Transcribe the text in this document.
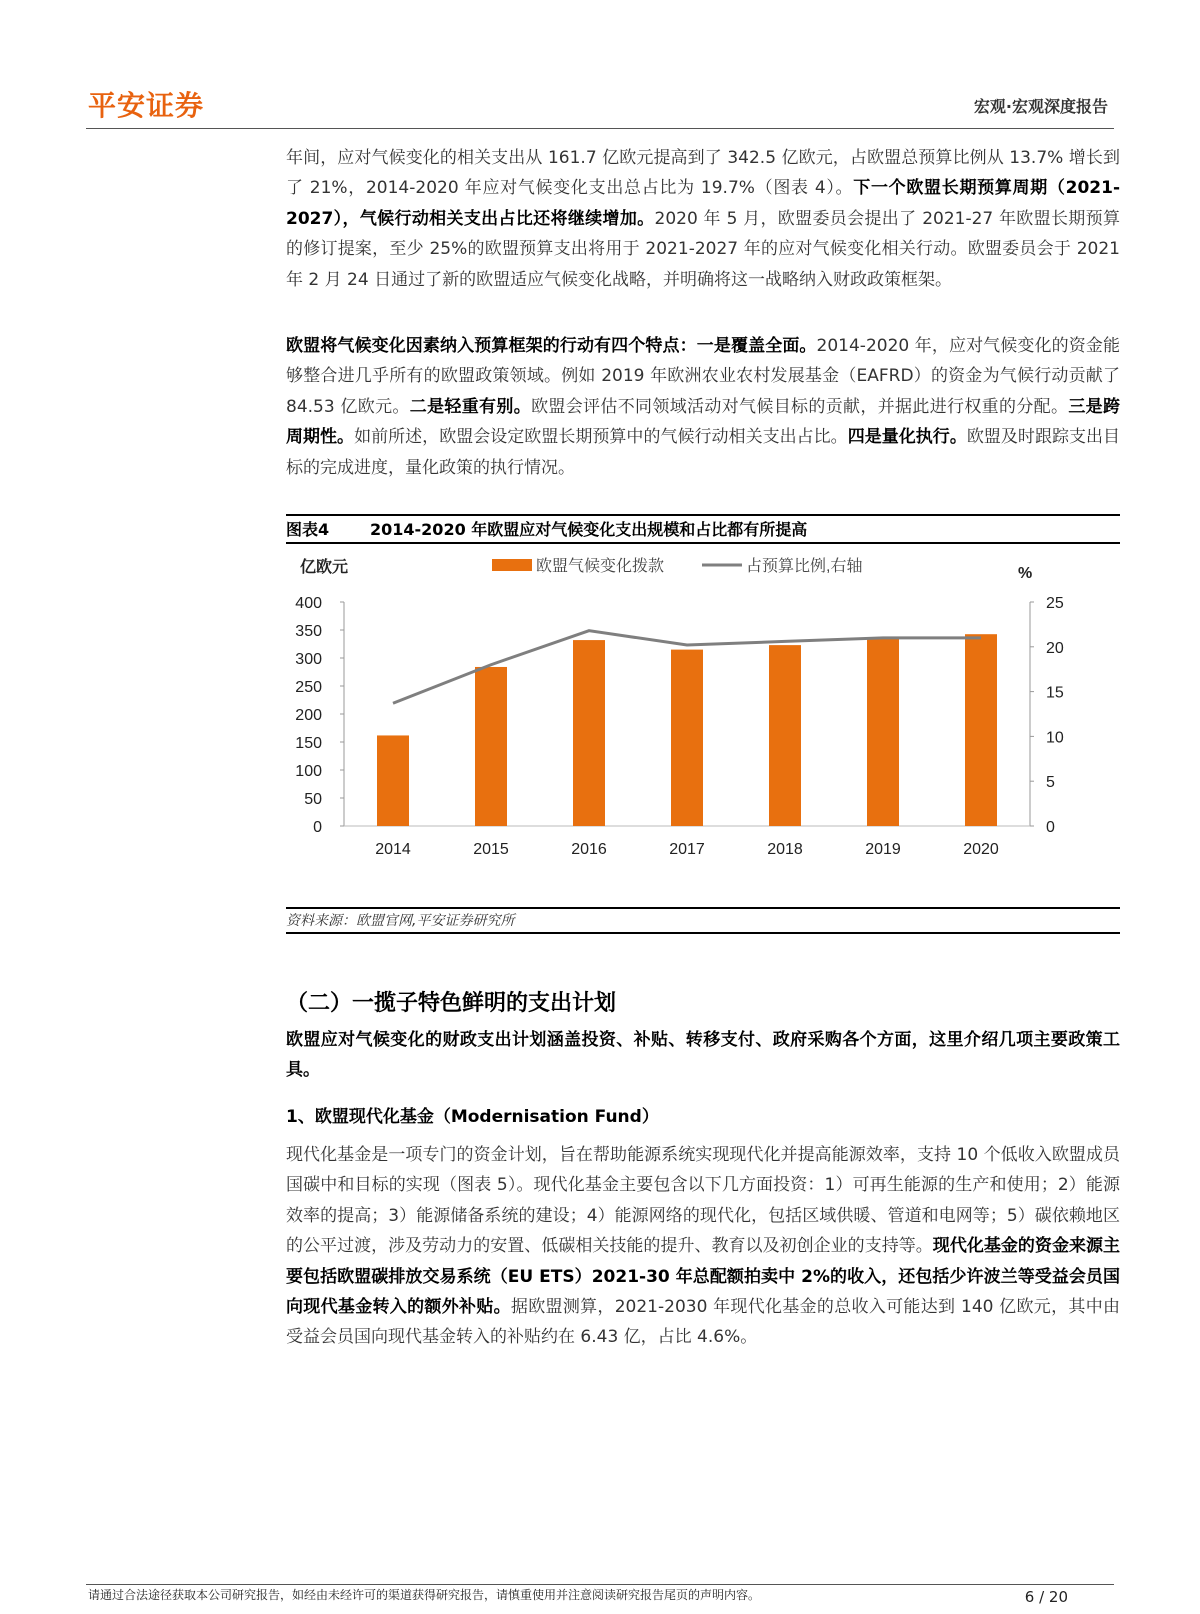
平安证券	宏观·宏观深度报告

年间，应对气候变化的相关支出从 161.7 亿欧元提高到了 342.5 亿欧元，占欧盟总预算比例从 13.7% 增长到了 21%，2014-2020 年应对气候变化支出总占比为 19.7%（图表 4）。下一个欧盟长期预算周期（2021-2027），气候行动相关支出占比还将继续增加。2020 年 5 月，欧盟委员会提出了 2021-27 年欧盟长期预算的修订提案，至少 25%的欧盟预算支出将用于 2021-2027 年的应对气候变化相关行动。欧盟委员会于 2021 年 2 月 24 日通过了新的欧盟适应气候变化战略，并明确将这一战略纳入财政政策框架。

欧盟将气候变化因素纳入预算框架的行动有四个特点：一是覆盖全面。2014-2020 年，应对气候变化的资金能够整合进几乎所有的欧盟政策领域。例如 2019 年欧洲农业农村发展基金（EAFRD）的资金为气候行动贡献了 84.53 亿欧元。二是轻重有别。欧盟会评估不同领域活动对气候目标的贡献，并据此进行权重的分配。三是跨周期性。如前所述，欧盟会设定欧盟长期预算中的气候行动相关支出占比。四是量化执行。欧盟及时跟踪支出目标的完成进度，量化政策的执行情况。

图表4	2014-2020 年欧盟应对气候变化支出规模和占比都有所提高
400
350
300
250
200
150
100
50
0
25
20
15
10
5
0
亿欧元	%
欧盟气候变化拨款	占预算比例,右轴
2014	2015	2016	2017	2018	2019	2020
资料来源：欧盟官网,平安证券研究所
（二）一揽子特色鲜明的支出计划

欧盟应对气候变化的财政支出计划涵盖投资、补贴、转移支付、政府采购各个方面，这里介绍几项主要政策工具。

1、欧盟现代化基金（Modernisation Fund）

现代化基金是一项专门的资金计划，旨在帮助能源系统实现现代化并提高能源效率，支持 10 个低收入欧盟成员国碳中和目标的实现（图表 5）。现代化基金主要包含以下几方面投资：1）可再生能源的生产和使用；2）能源效率的提高；3）能源储备系统的建设；4）能源网络的现代化，包括区域供暖、管道和电网等；5）碳依赖地区的公平过渡，涉及劳动力的安置、低碳相关技能的提升、教育以及初创企业的支持等。现代化基金的资金来源主要包括欧盟碳排放交易系统（EU ETS）2021-30 年总配额拍卖中 2%的收入，还包括少许波兰等受益会员国向现代基金转入的额外补贴。据欧盟测算，2021-2030 年现代化基金的总收入可能达到 140 亿欧元，其中由受益会员国向现代基金转入的补贴约在 6.43 亿，占比 4.6%。

请通过合法途径获取本公司研究报告，如经由未经许可的渠道获得研究报告，请慎重使用并注意阅读研究报告尾页的声明内容。	6 / 20
